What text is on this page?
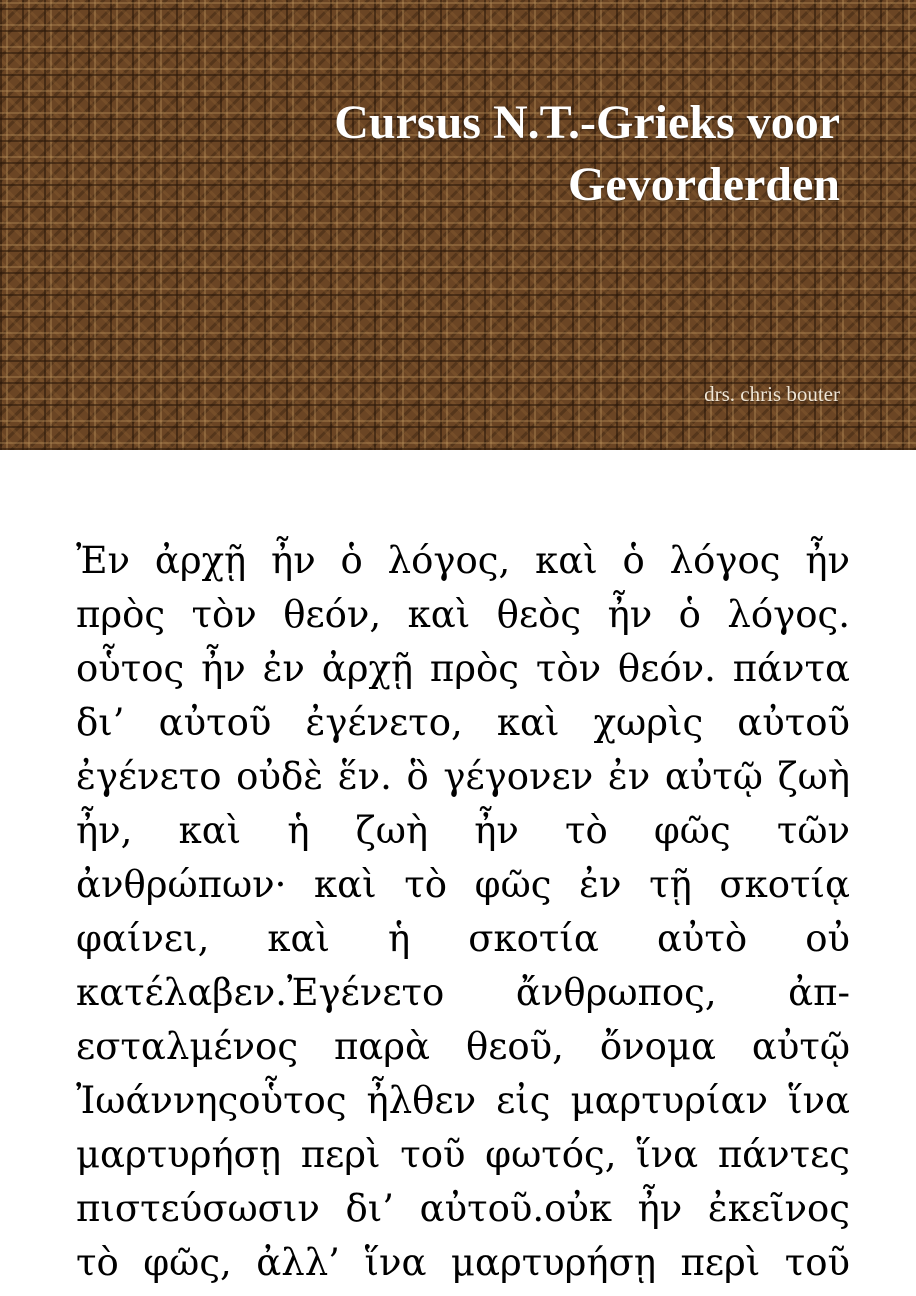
Cursus N.T.-Grieks voor
Gevorderden
drs. chris bouter
Ἐν ἀρχῇ ἦν ὁ λόγος, καὶ ὁ λόγος ἦν
πρὸς τὸν θεόν, καὶ θεὸς ἦν ὁ λόγος.
οὗτος ἦν ἐν ἀρχῇ πρὸς τὸν θεόν. πάντα
δι’ αὐτοῦ ἐγένετο, καὶ χωρὶς αὐτοῦ
ἐγένετο οὐδὲ ἕν. ὃ γέγονεν ἐν αὐτῷ ζωὴ
ἦν, καὶ ἡ ζωὴ ἦν τὸ φῶς τῶν
ἀνθρώπων· καὶ τὸ φῶς ἐν τῇ σκοτίᾳ
φαίνει, καὶ ἡ σκοτία αὐτὸ οὐ
κατέλαβεν.Ἐγένετο ἄνθρωπος, ἀπ-
εσταλμένος παρὰ θεοῦ, ὄνομα αὐτῷ
Ἰωάννηςοὗτος ἦλθεν εἰς μαρτυρίαν ἵνα
μαρτυρήσῃ περὶ τοῦ φωτός, ἵνα πάντες
πιστεύσωσιν δι’ αὐτοῦ.οὐκ ἦν ἐκεῖνος
τὸ φῶς, ἀλλ’ ἵνα μαρτυρήσῃ περὶ τοῦ
